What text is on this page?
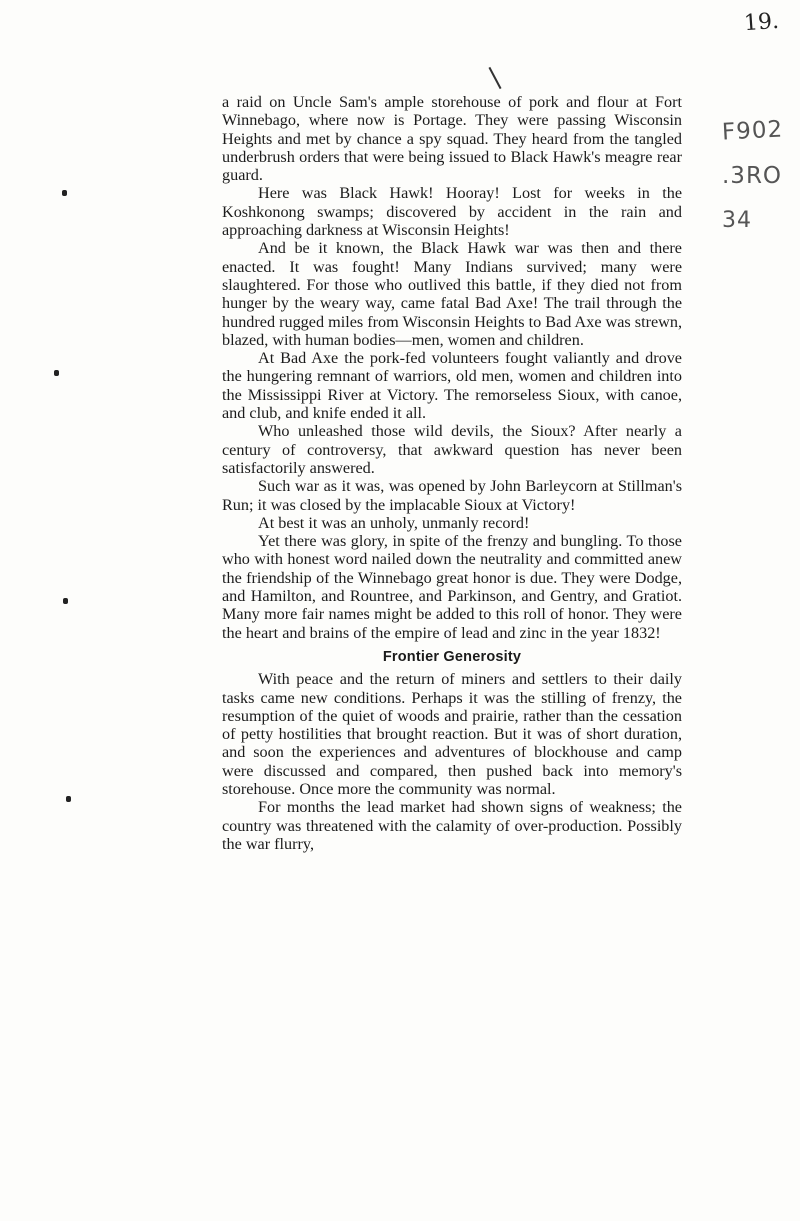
19.
F902
.3RO
34

a raid on Uncle Sam's ample storehouse of pork and flour at Fort Winnebago, where now is Portage. They were passing Wisconsin Heights and met by chance a spy squad. They heard from the tangled underbrush orders that were being issued to Black Hawk's meagre rear guard.

Here was Black Hawk! Hooray! Lost for weeks in the Koshkonong swamps; discovered by accident in the rain and approaching darkness at Wisconsin Heights!

And be it known, the Black Hawk war was then and there enacted. It was fought! Many Indians survived; many were slaughtered. For those who outlived this battle, if they died not from hunger by the weary way, came fatal Bad Axe! The trail through the hundred rugged miles from Wisconsin Heights to Bad Axe was strewn, blazed, with human bodies—men, women and children.

At Bad Axe the pork-fed volunteers fought valiantly and drove the hungering remnant of warriors, old men, women and children into the Mississippi River at Victory. The remorseless Sioux, with canoe, and club, and knife ended it all.

Who unleashed those wild devils, the Sioux? After nearly a century of controversy, that awkward question has never been satisfactorily answered.

Such war as it was, was opened by John Barleycorn at Stillman's Run; it was closed by the implacable Sioux at Victory!

At best it was an unholy, unmanly record!

Yet there was glory, in spite of the frenzy and bungling. To those who with honest word nailed down the neutrality and committed anew the friendship of the Winnebago great honor is due. They were Dodge, and Hamilton, and Rountree, and Parkinson, and Gentry, and Gratiot. Many more fair names might be added to this roll of honor. They were the heart and brains of the empire of lead and zinc in the year 1832!

Frontier Generosity

With peace and the return of miners and settlers to their daily tasks came new conditions. Perhaps it was the stilling of frenzy, the resumption of the quiet of woods and prairie, rather than the cessation of petty hostilities that brought reaction. But it was of short duration, and soon the experiences and adventures of blockhouse and camp were discussed and compared, then pushed back into memory's storehouse. Once more the community was normal.

For months the lead market had shown signs of weakness; the country was threatened with the calamity of over-production. Possibly the war flurry,
